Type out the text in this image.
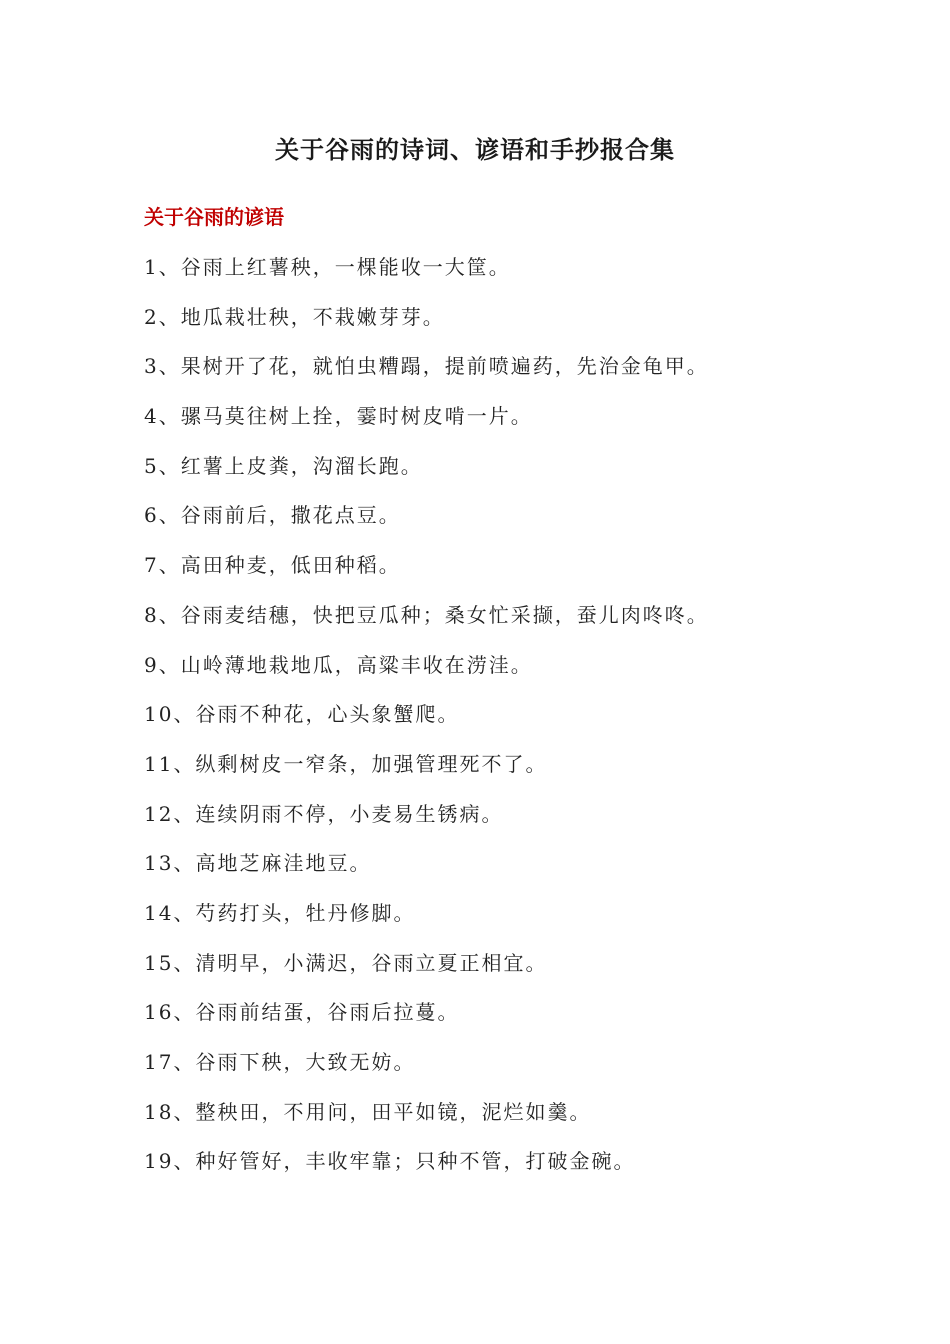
关于谷雨的诗词、谚语和手抄报合集
关于谷雨的谚语
1、谷雨上红薯秧，一棵能收一大筐。
2、地瓜栽壮秧，不栽嫩芽芽。
3、果树开了花，就怕虫糟蹋，提前喷遍药，先治金龟甲。
4、骡马莫往树上拴，霎时树皮啃一片。
5、红薯上皮粪，沟溜长跑。
6、谷雨前后，撒花点豆。
7、高田种麦，低田种稻。
8、谷雨麦结穗，快把豆瓜种；桑女忙采撷，蚕儿肉咚咚。
9、山岭薄地栽地瓜，高粱丰收在涝洼。
10、谷雨不种花，心头象蟹爬。
11、纵剩树皮一窄条，加强管理死不了。
12、连续阴雨不停，小麦易生锈病。
13、高地芝麻洼地豆。
14、芍药打头，牡丹修脚。
15、清明早，小满迟，谷雨立夏正相宜。
16、谷雨前结蛋，谷雨后拉蔓。
17、谷雨下秧，大致无妨。
18、整秧田，不用问，田平如镜，泥烂如羹。
19、种好管好，丰收牢靠；只种不管，打破金碗。
